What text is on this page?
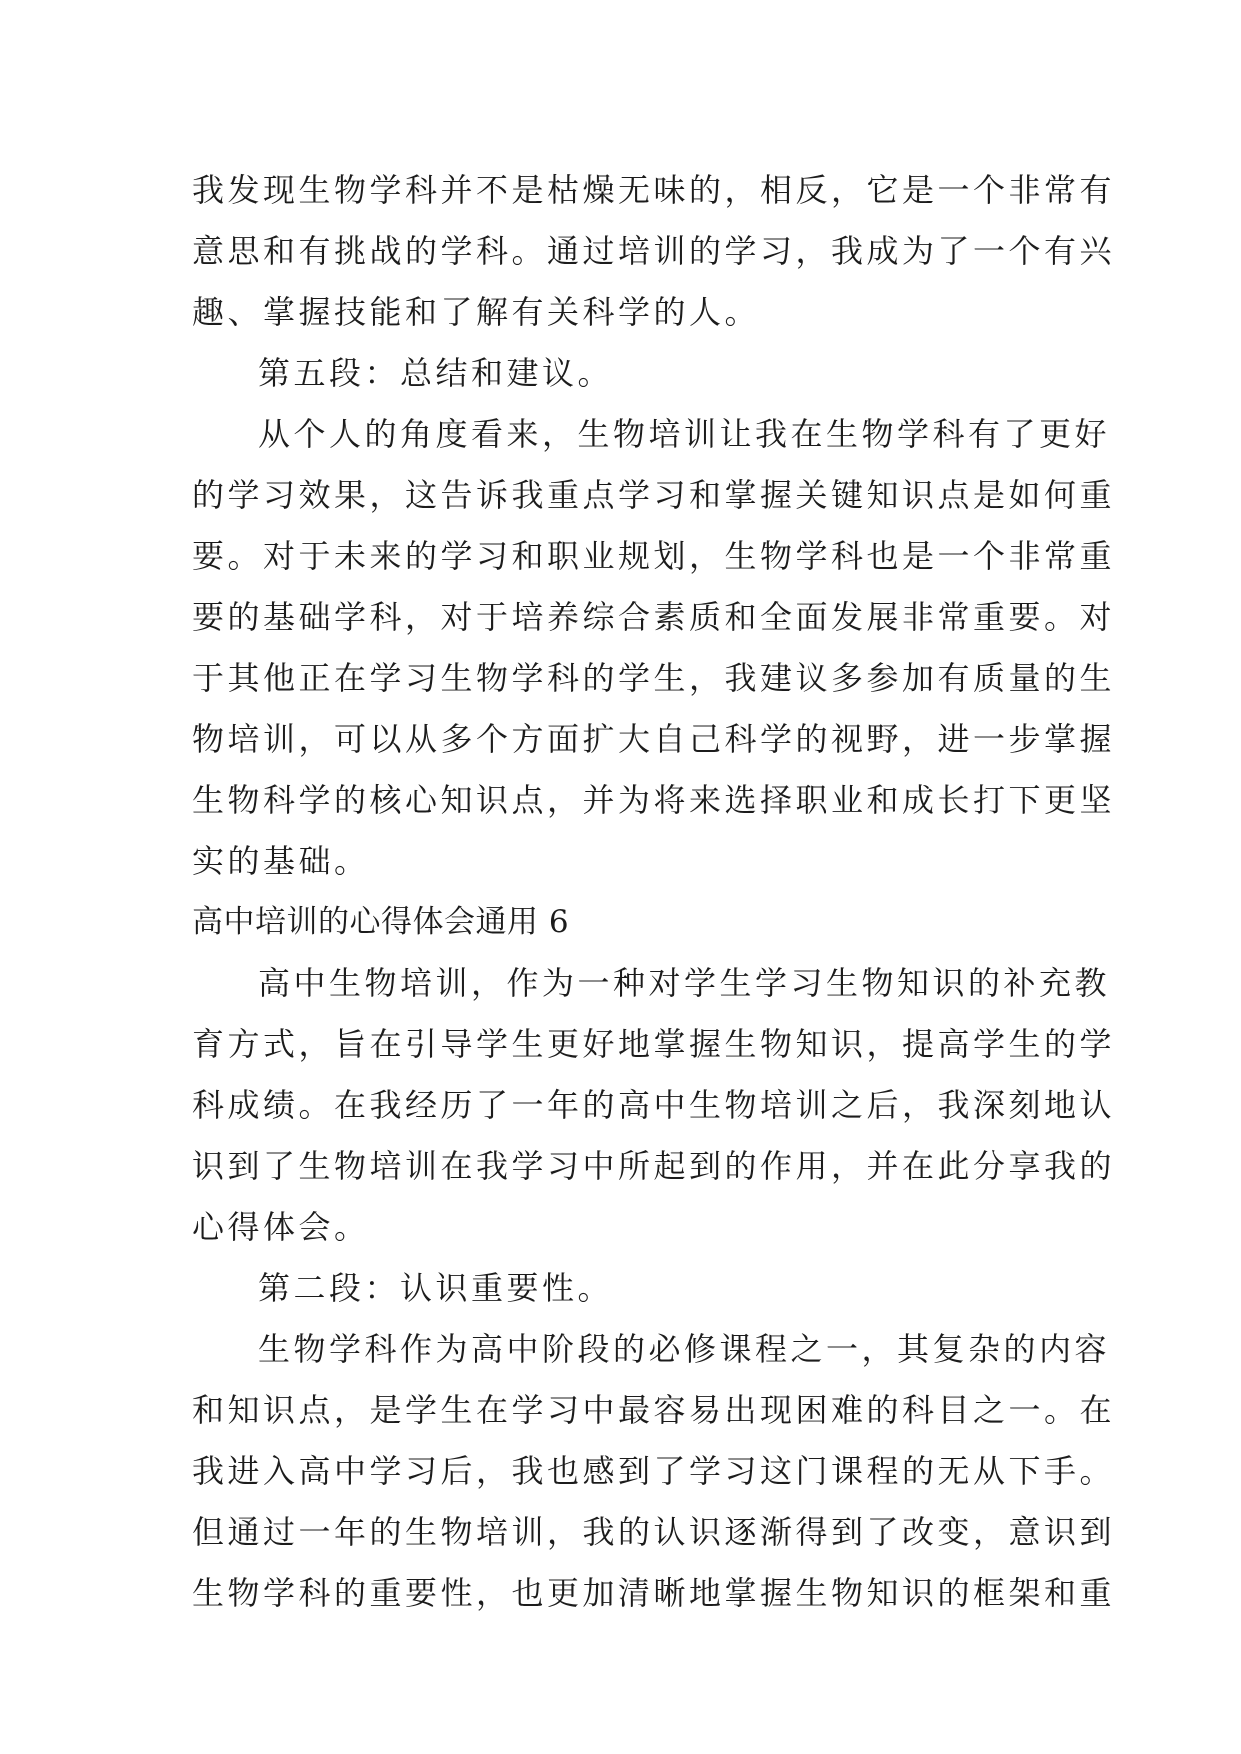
我发现生物学科并不是枯燥无味的，相反，它是一个非常有
意思和有挑战的学科。通过培训的学习，我成为了一个有兴
趣、掌握技能和了解有关科学的人。
第五段：总结和建议。
从个人的角度看来，生物培训让我在生物学科有了更好
的学习效果，这告诉我重点学习和掌握关键知识点是如何重
要。对于未来的学习和职业规划，生物学科也是一个非常重
要的基础学科，对于培养综合素质和全面发展非常重要。对
于其他正在学习生物学科的学生，我建议多参加有质量的生
物培训，可以从多个方面扩大自己科学的视野，进一步掌握
生物科学的核心知识点，并为将来选择职业和成长打下更坚
实的基础。
高中培训的心得体会通用 6
高中生物培训，作为一种对学生学习生物知识的补充教
育方式，旨在引导学生更好地掌握生物知识，提高学生的学
科成绩。在我经历了一年的高中生物培训之后，我深刻地认
识到了生物培训在我学习中所起到的作用，并在此分享我的
心得体会。
第二段：认识重要性。
生物学科作为高中阶段的必修课程之一，其复杂的内容
和知识点，是学生在学习中最容易出现困难的科目之一。在
我进入高中学习后，我也感到了学习这门课程的无从下手。
但通过一年的生物培训，我的认识逐渐得到了改变，意识到
生物学科的重要性，也更加清晰地掌握生物知识的框架和重
